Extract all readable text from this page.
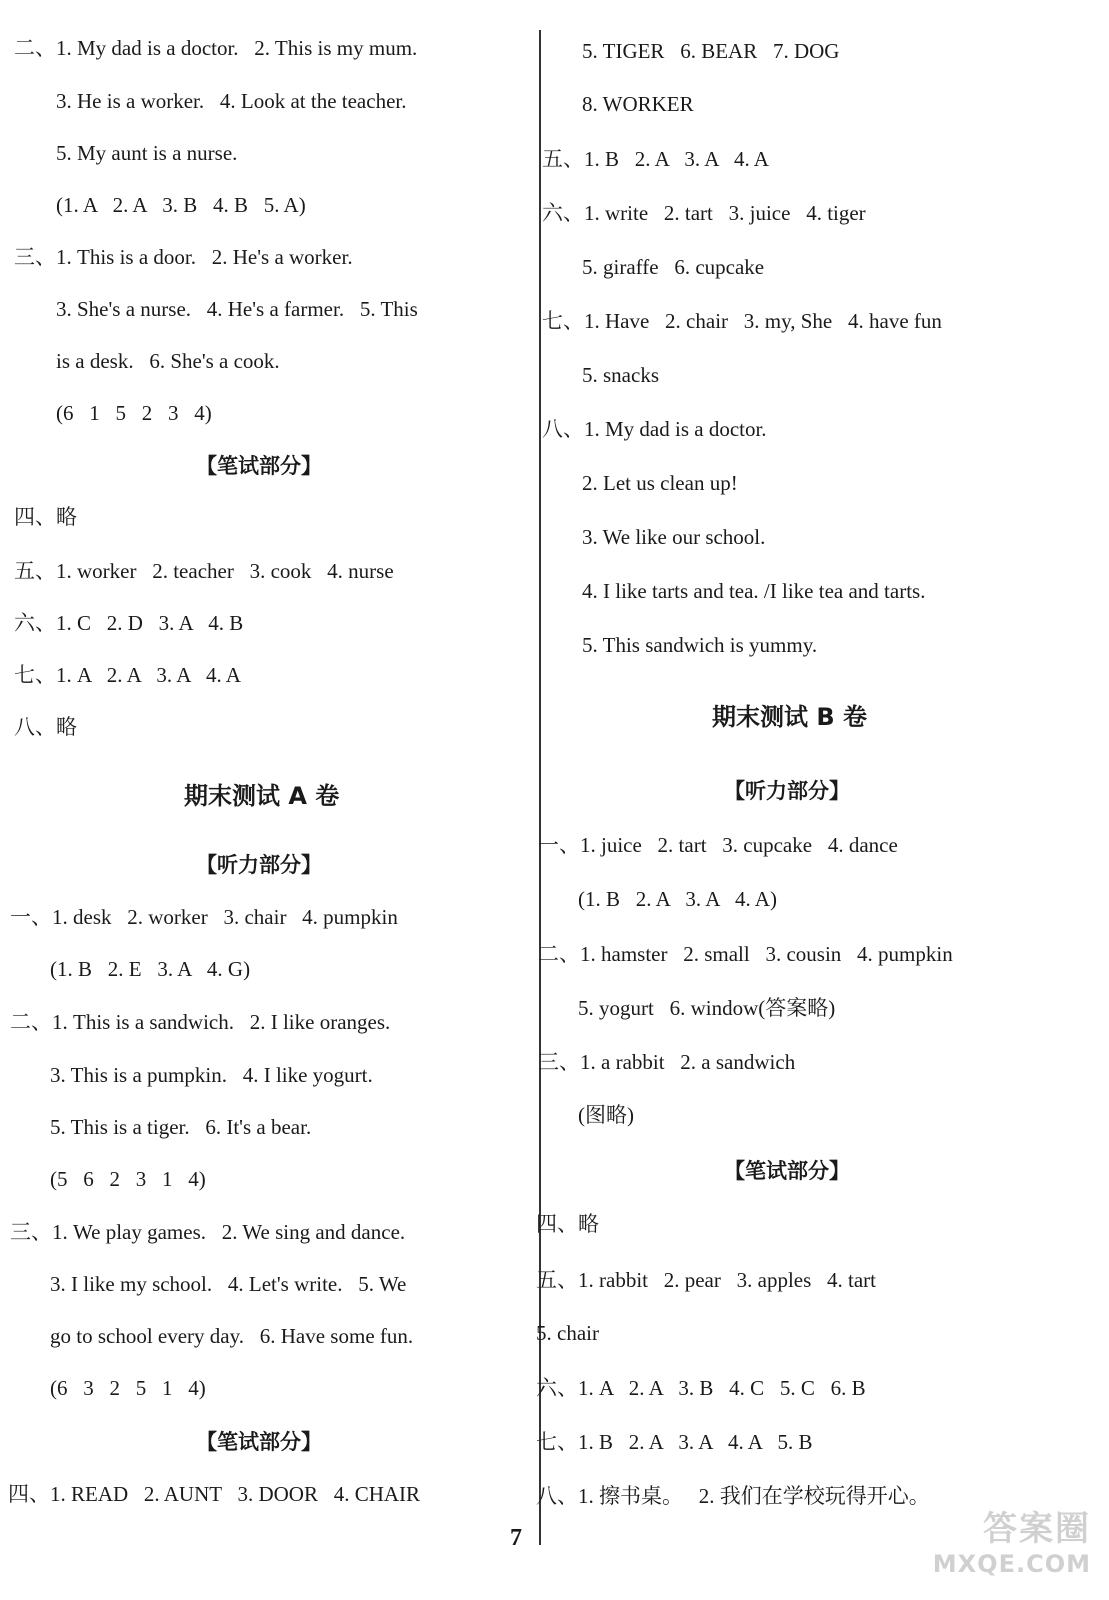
二、1. My dad is a doctor.   2. This is my mum.
3. He is a worker.   4. Look at the teacher.
5. My aunt is a nurse.
(1. A   2. A   3. B   4. B   5. A)
三、1. This is a door.   2. He's a worker.
3. She's a nurse.   4. He's a farmer.   5. This
is a desk.   6. She's a cook.
(6   1   5   2   3   4)
【笔试部分】
四、略
五、1. worker   2. teacher   3. cook   4. nurse
六、1. C   2. D   3. A   4. B
七、1. A   2. A   3. A   4. A
八、略
期末测试 A 卷
【听力部分】
一、1. desk   2. worker   3. chair   4. pumpkin
(1. B   2. E   3. A   4. G)
二、1. This is a sandwich.   2. I like oranges.
3. This is a pumpkin.   4. I like yogurt.
5. This is a tiger.   6. It's a bear.
(5   6   2   3   1   4)
三、1. We play games.   2. We sing and dance.
3. I like my school.   4. Let's write.   5. We
go to school every day.   6. Have some fun.
(6   3   2   5   1   4)
【笔试部分】
四、1. READ   2. AUNT   3. DOOR   4. CHAIR
5. TIGER   6. BEAR   7. DOG
8. WORKER
五、1. B   2. A   3. A   4. A
六、1. write   2. tart   3. juice   4. tiger
5. giraffe   6. cupcake
七、1. Have   2. chair   3. my, She   4. have fun
5. snacks
八、1. My dad is a doctor.
2. Let us clean up!
3. We like our school.
4. I like tarts and tea. /I like tea and tarts.
5. This sandwich is yummy.
期末测试 B 卷
【听力部分】
一、1. juice   2. tart   3. cupcake   4. dance
(1. B   2. A   3. A   4. A)
二、1. hamster   2. small   3. cousin   4. pumpkin
5. yogurt   6. window(答案略)
三、1. a rabbit   2. a sandwich
(图略)
【笔试部分】
四、略
五、1. rabbit   2. pear   3. apples   4. tart
5. chair
六、1. A   2. A   3. B   4. C   5. C   6. B
七、1. B   2. A   3. A   4. A   5. B
八、1. 擦书桌。   2. 我们在学校玩得开心。
7	答案圈
MXQE.COM
